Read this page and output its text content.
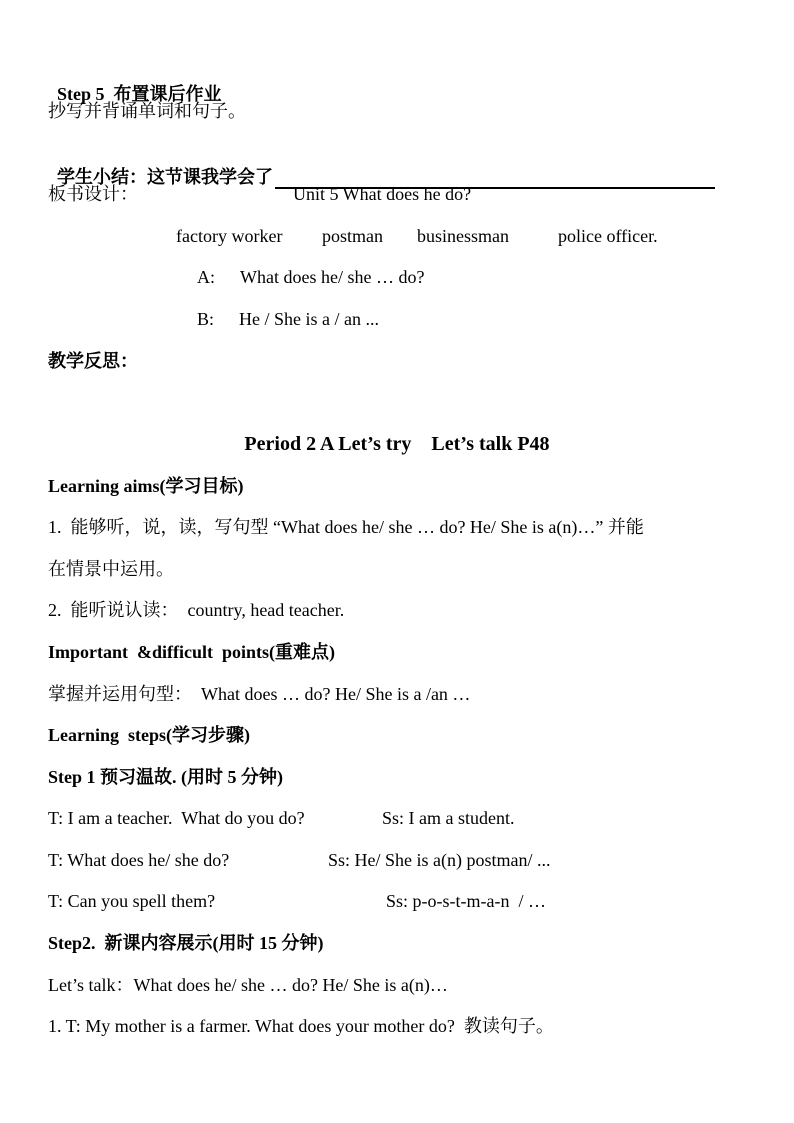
Step 5 布置课后作业

抄写并背诵单词和句子。

学生小结：这节课我学会了

板书设计：	Unit 5 What does he do?
factory worker postman businessman	police officer.
A: What does he/ she … do?
B: He / She is a / an ...
教学反思：
Period 2 A Let’s try    Let’s talk P48
Learning aims(学习目标)
1.  能够听，说，读，写句型 “What does he/ she … do? He/ She is a(n)…” 并能
在情景中运用。
2.  能听说认读：  country, head teacher.
Important  &difficult  points(重难点)
掌握并运用句型：  What does … do? He/ She is a /an …
Learning  steps(学习步骤)
Step 1 预习温故. (用时 5 分钟)
T: I am a teacher.  What do you do?	Ss: I am a student.
T: What does he/ she do?	Ss: He/ She is a(n) postman/ ...
T: Can you spell them?	Ss: p-o-s-t-m-a-n  / …
Step2.  新课内容展示(用时 15 分钟)
Let’s talk：What does he/ she … do? He/ She is a(n)…
1. T: My mother is a farmer. What does your mother do?  教读句子。
